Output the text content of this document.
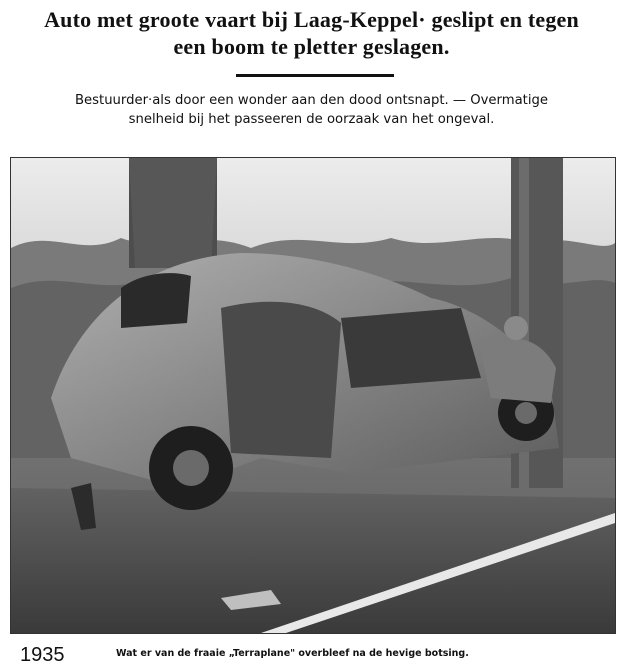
Auto met groote vaart bij Laag-Keppel· geslipt en tegen
een boom te pletter geslagen.
Bestuurder·als door een wonder aan den dood ontsnapt. — Overmatige
snelheid bij het passeeren de oorzaak van het ongeval.
1935	Wat er van de fraaie „Terraplane" overbleef na de hevige botsing.
